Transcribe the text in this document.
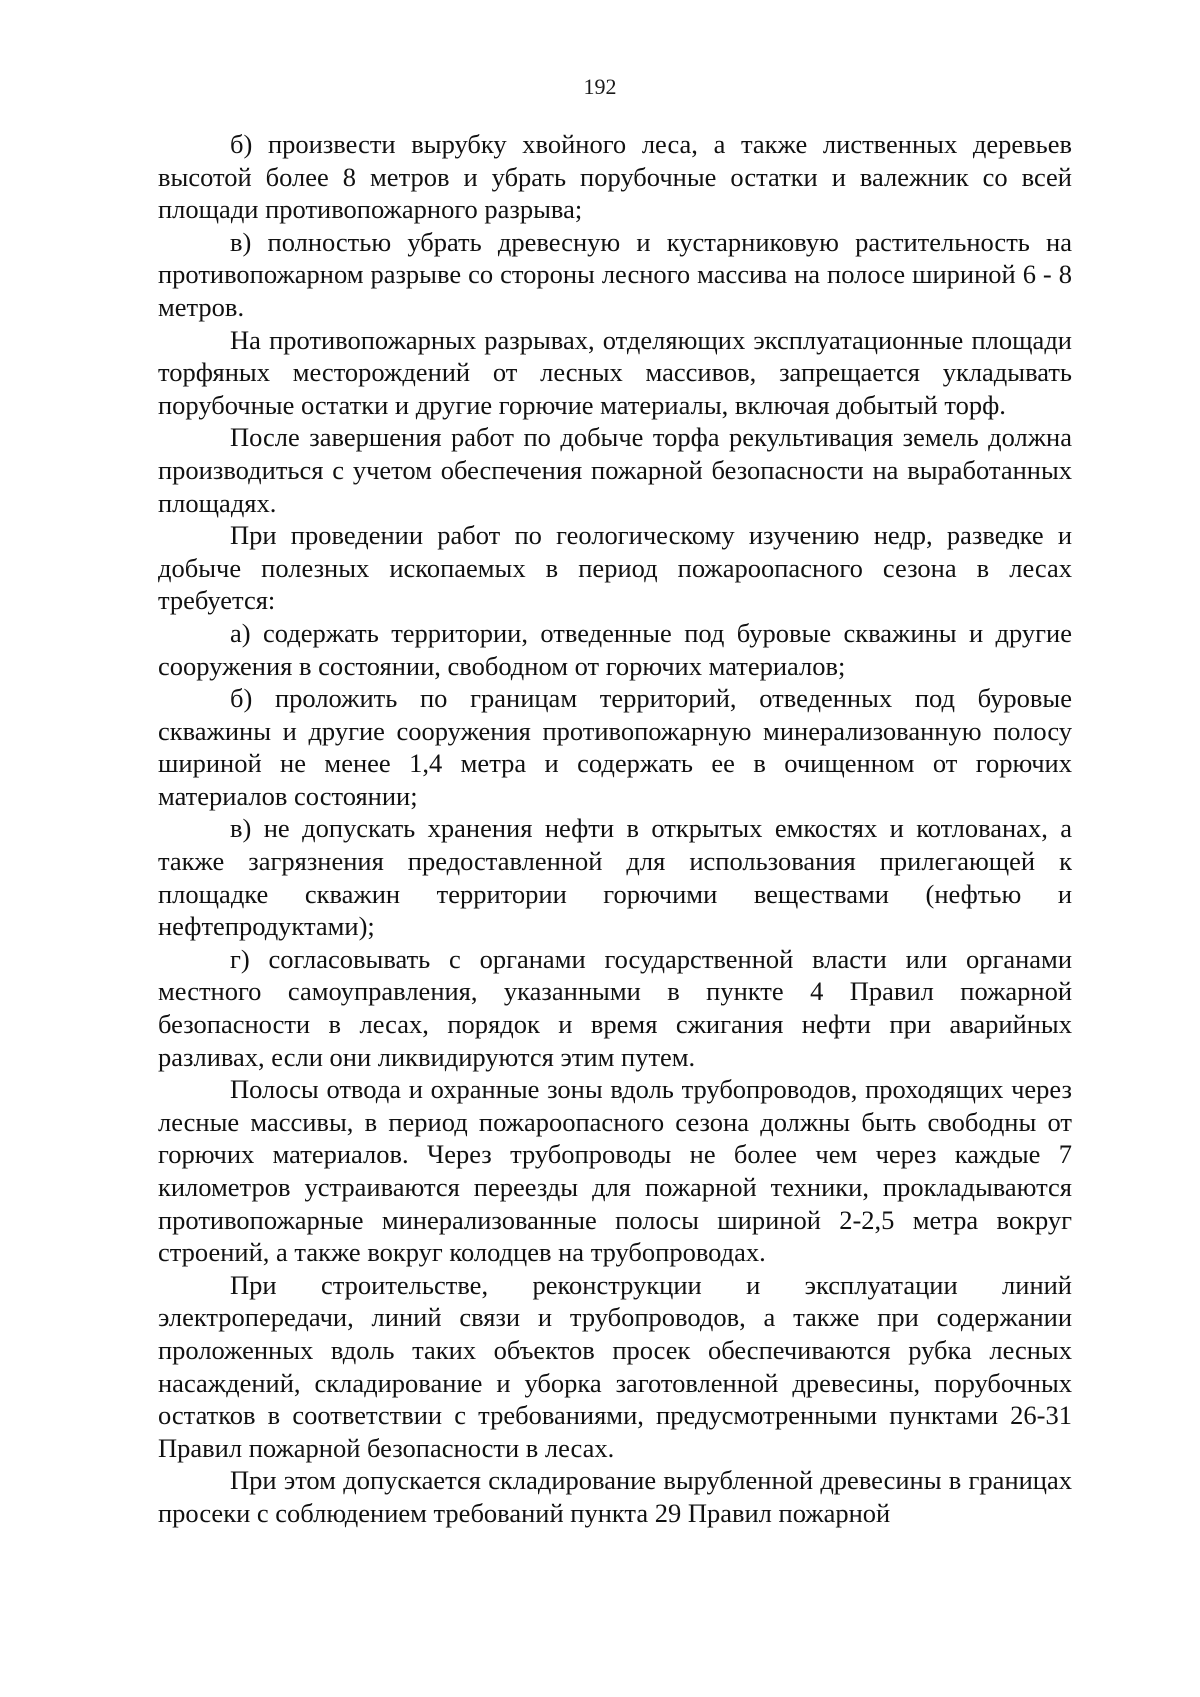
192

б) произвести вырубку хвойного леса, а также лиственных деревьев высотой более 8 метров и убрать порубочные остатки и валежник со всей площади противопожарного разрыва;

в) полностью убрать древесную и кустарниковую растительность на противопожарном разрыве со стороны лесного массива на полосе шириной 6 - 8 метров.

На противопожарных разрывах, отделяющих эксплуатационные площади торфяных месторождений от лесных массивов, запрещается укладывать порубочные остатки и другие горючие материалы, включая добытый торф.

После завершения работ по добыче торфа рекультивация земель должна производиться с учетом обеспечения пожарной безопасности на выработанных площадях.

При проведении работ по геологическому изучению недр, разведке и добыче полезных ископаемых в период пожароопасного сезона в лесах требуется:

а) содержать территории, отведенные под буровые скважины и другие сооружения в состоянии, свободном от горючих материалов;

б) проложить по границам территорий, отведенных под буровые скважины и другие сооружения противопожарную минерализованную полосу шириной не менее 1,4 метра и содержать ее в очищенном от горючих материалов состоянии;

в) не допускать хранения нефти в открытых емкостях и котлованах, а также загрязнения предоставленной для использования прилегающей к площадке скважин территории горючими веществами (нефтью и нефтепродуктами);

г) согласовывать с органами государственной власти или органами местного самоуправления, указанными в пункте 4 Правил пожарной безопасности в лесах, порядок и время сжигания нефти при аварийных разливах, если они ликвидируются этим путем.

Полосы отвода и охранные зоны вдоль трубопроводов, проходящих через лесные массивы, в период пожароопасного сезона должны быть свободны от горючих материалов. Через трубопроводы не более чем через каждые 7 километров устраиваются переезды для пожарной техники, прокладываются противопожарные минерализованные полосы шириной 2-2,5 метра вокруг строений, а также вокруг колодцев на трубопроводах.

При строительстве, реконструкции и эксплуатации линий электропередачи, линий связи и трубопроводов, а также при содержании проложенных вдоль таких объектов просек обеспечиваются рубка лесных насаждений, складирование и уборка заготовленной древесины, порубочных остатков в соответствии с требованиями, предусмотренными пунктами 26-31 Правил пожарной безопасности в лесах.

При этом допускается складирование вырубленной древесины в границах просеки с соблюдением требований пункта 29 Правил пожарной
